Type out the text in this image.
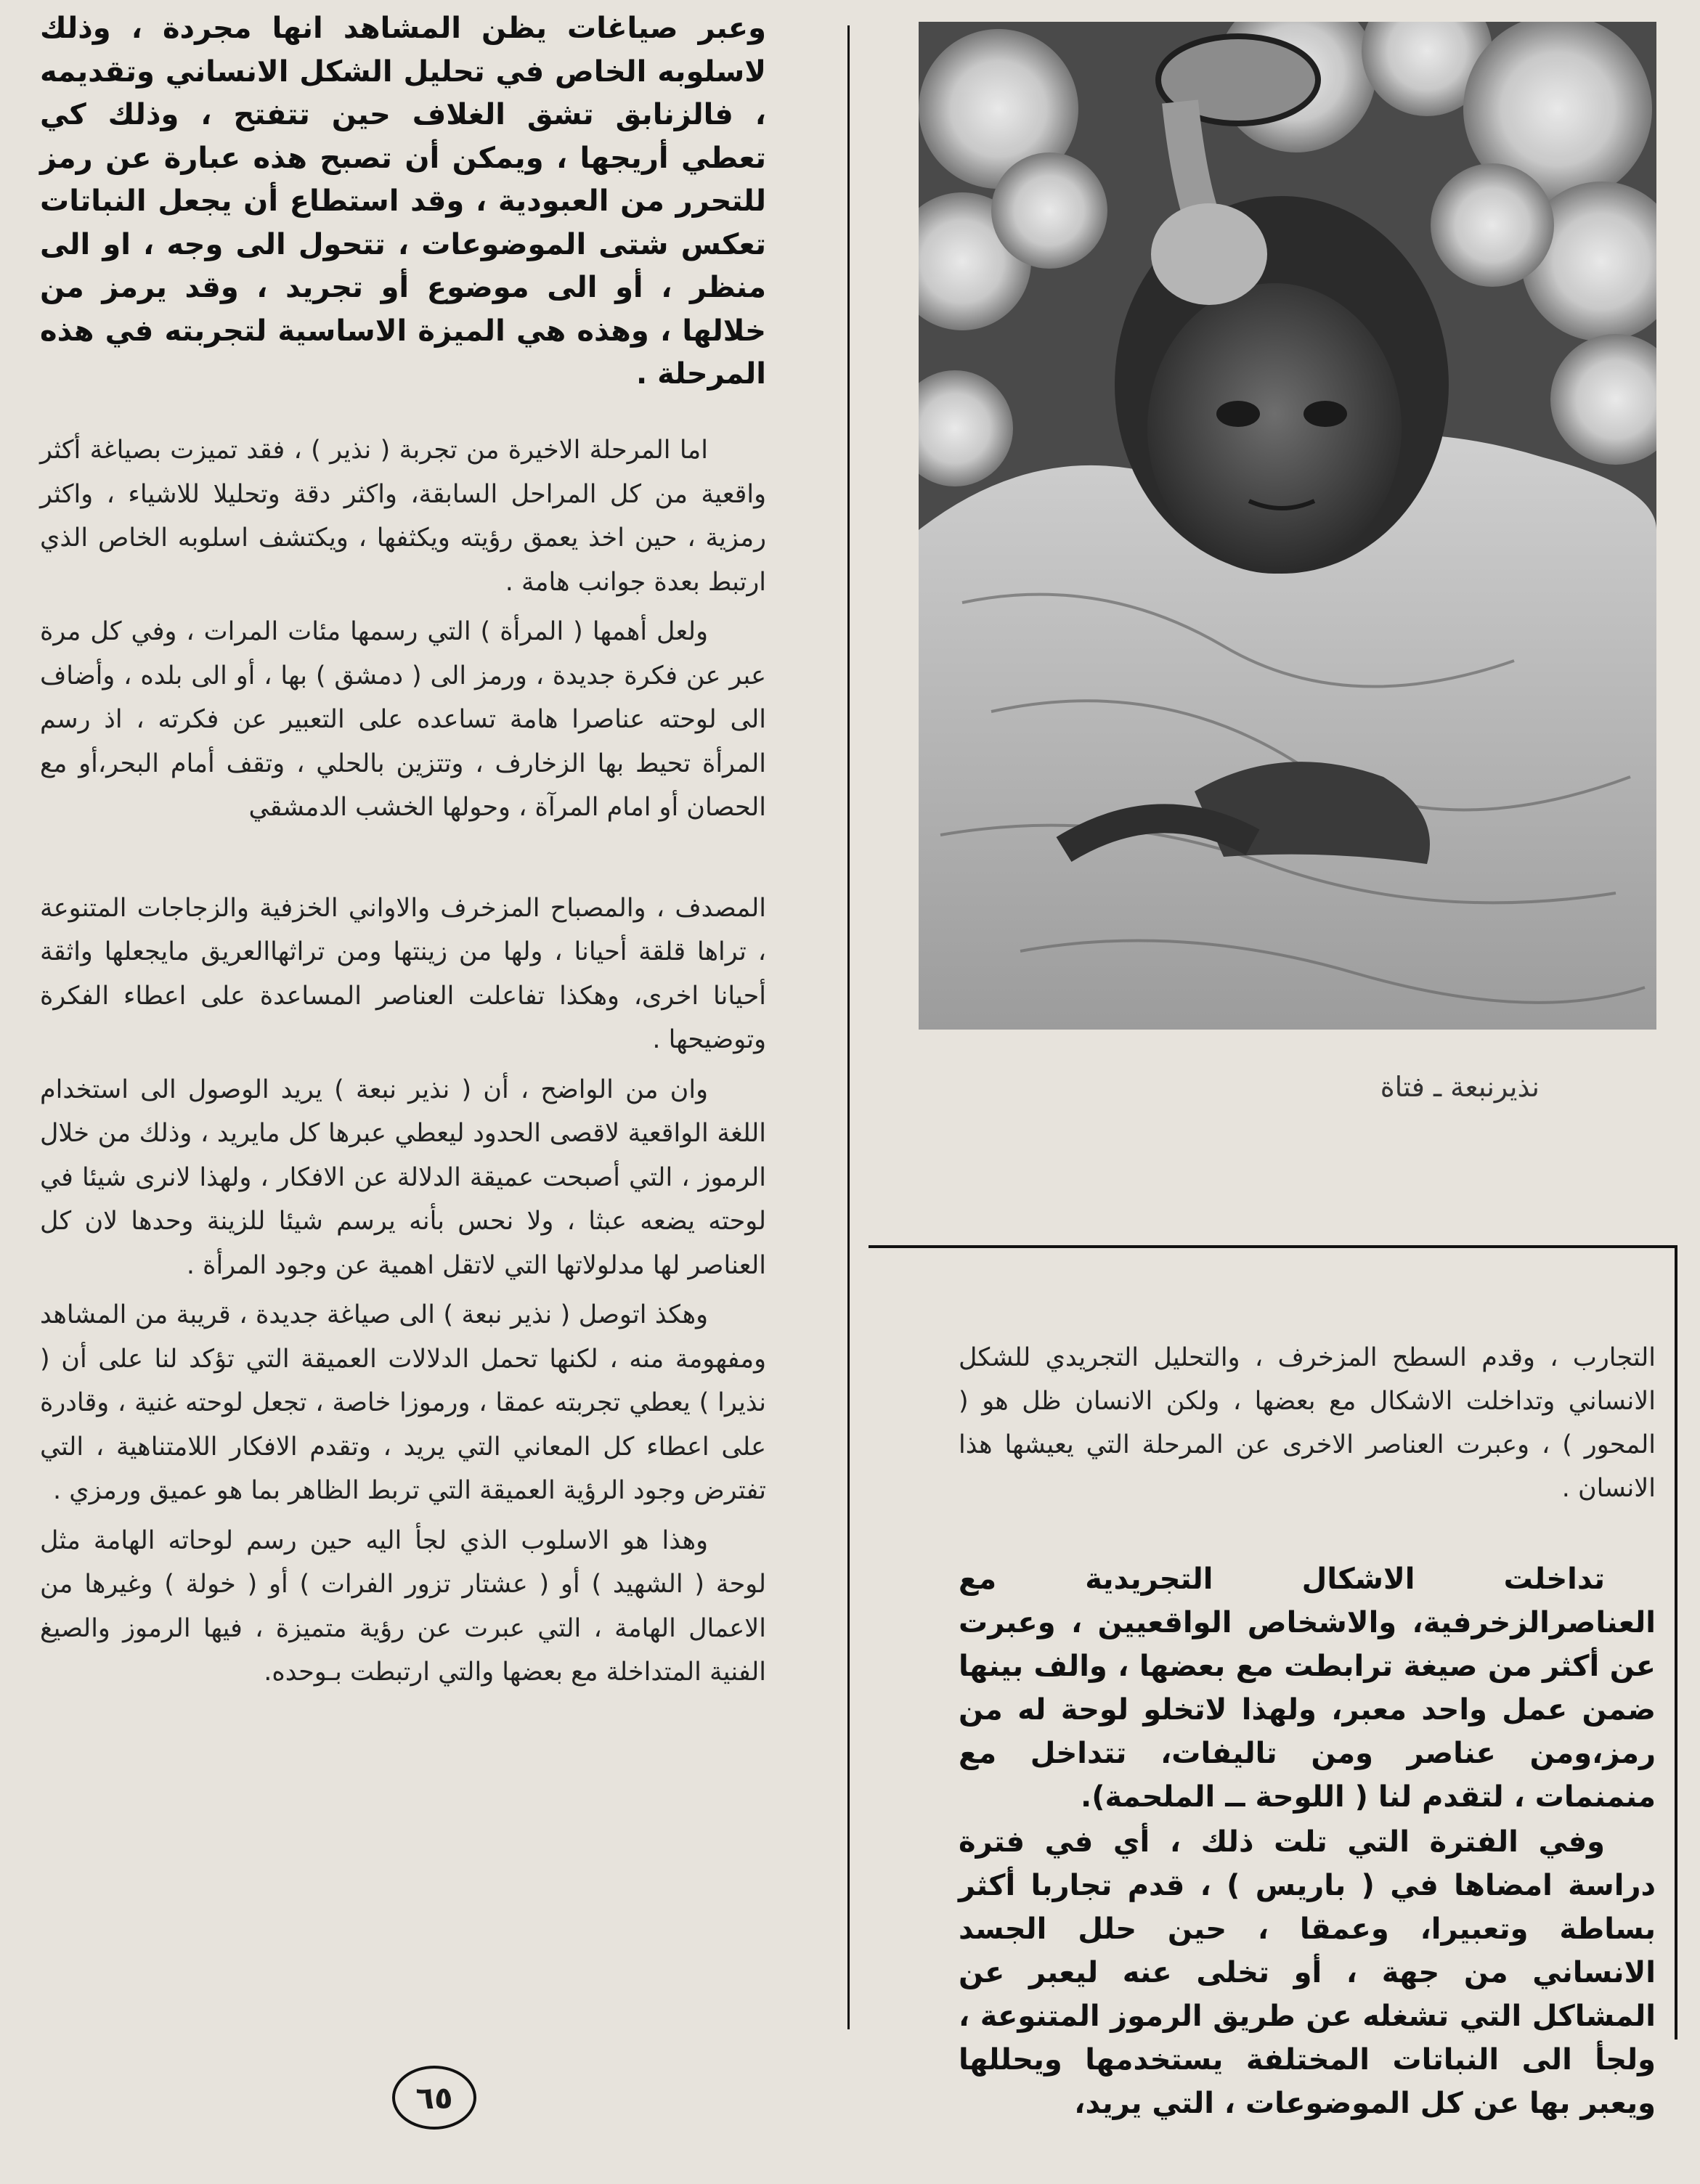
وعبر صياغات يظن المشاهد انها مجردة ، وذلك لاسلوبه الخاص في تحليل الشكل الانساني وتقديمه ، فالزنابق تشق الغلاف حين تتفتح ، وذلك كي تعطي أريجها ، ويمكن أن تصبح هذه عبارة عن رمز للتحرر من العبودية ، وقد استطاع أن يجعل النباتات تعكس شتى الموضوعات ، تتحول الى وجه ، او الى منظر ، أو الى موضوع أو تجريد ، وقد يرمز من خلالها ، وهذه هي الميزة الاساسية لتجربته في هذه المرحلة .

اما المرحلة الاخيرة من تجربة ( نذير ) ، فقد تميزت بصياغة أكثر واقعية من كل المراحل السابقة، واكثر دقة وتحليلا للاشياء ، واكثر رمزية ، حين اخذ يعمق رؤيته ويكثفها ، ويكتشف اسلوبه الخاص الذي ارتبط بعدة جوانب هامة .

ولعل أهمها ( المرأة ) التي رسمها مئات المرات ، وفي كل مرة عبر عن فكرة جديدة ، ورمز الى ( دمشق ) بها ، أو الى بلده ، وأضاف الى لوحته عناصرا هامة تساعده على التعبير عن فكرته ، اذ رسم المرأة تحيط بها الزخارف ، وتتزين بالحلي ، وتقف أمام البحر،أو مع الحصان أو امام المرآة ، وحولها الخشب الدمشقي

المصدف ، والمصباح المزخرف والاواني الخزفية والزجاجات المتنوعة ، تراها قلقة أحيانا ، ولها من زينتها ومن تراثهاالعريق مايجعلها واثقة أحيانا اخرى، وهكذا تفاعلت العناصر المساعدة على اعطاء الفكرة وتوضيحها .

وان من الواضح ، أن ( نذير نبعة ) يريد الوصول الى استخدام اللغة الواقعية لاقصى الحدود ليعطي عبرها كل مايريد ، وذلك من خلال الرموز ، التي أصبحت عميقة الدلالة عن الافكار ، ولهذا لانرى شيئا في لوحته يضعه عبثا ، ولا نحس بأنه يرسم شيئا للزينة وحدها لان كل العناصر لها مدلولاتها التي لاتقل اهمية عن وجود المرأة .

وهكذ اتوصل ( نذير نبعة ) الى صياغة جديدة ، قريبة من المشاهد ومفهومة منه ، لكنها تحمل الدلالات العميقة التي تؤكد لنا على أن ( نذيرا ) يعطي تجربته عمقا ، ورموزا خاصة ، تجعل لوحته غنية ، وقادرة على اعطاء كل المعاني التي يريد ، وتقدم الافكار اللامتناهية ، التي تفترض وجود الرؤية العميقة التي تربط الظاهر بما هو عميق ورمزي .

وهذا هو الاسلوب الذي لجأ اليه حين رسم لوحاته الهامة مثل لوحة ( الشهيد ) أو ( عشتار تزور الفرات ) أو ( خولة ) وغيرها من الاعمال الهامة ، التي عبرت عن رؤية متميزة ، فيها الرموز والصيغ الفنية المتداخلة مع بعضها والتي ارتبطت بـوحده.

نذيرنبعة ـ فتاة
التجارب ، وقدم السطح المزخرف ، والتحليل التجريدي للشكل الانساني وتداخلت الاشكال مع بعضها ، ولكن الانسان ظل هو ( المحور ) ، وعبرت العناصر الاخرى عن المرحلة التي يعيشها هذا الانسان .

تداخلت الاشكال التجريدية مع العناصرالزخرفية، والاشخاص الواقعيين ، وعبرت عن أكثر من صيغة ترابطت مع بعضها ، والف بينها ضمن عمل واحد معبر، ولهذا لاتخلو لوحة له من رمز،ومن عناصر ومن تاليفات، تتداخل مع منمنمات ، لتقدم لنا ( اللوحة ــ الملحمة).

وفي الفترة التي تلت ذلك ، أي في فترة دراسة امضاها في ( باريس ) ، قدم تجاربا أكثر بساطة وتعبيرا، وعمقا ، حين حلل الجسد الانساني من جهة ، أو تخلى عنه ليعبر عن المشاكل التي تشغله عن طريق الرموز المتنوعة ، ولجأ الى النباتات المختلفة يستخدمها ويحللها ويعبر بها عن كل الموضوعات ، التي يريد،

٦٥
